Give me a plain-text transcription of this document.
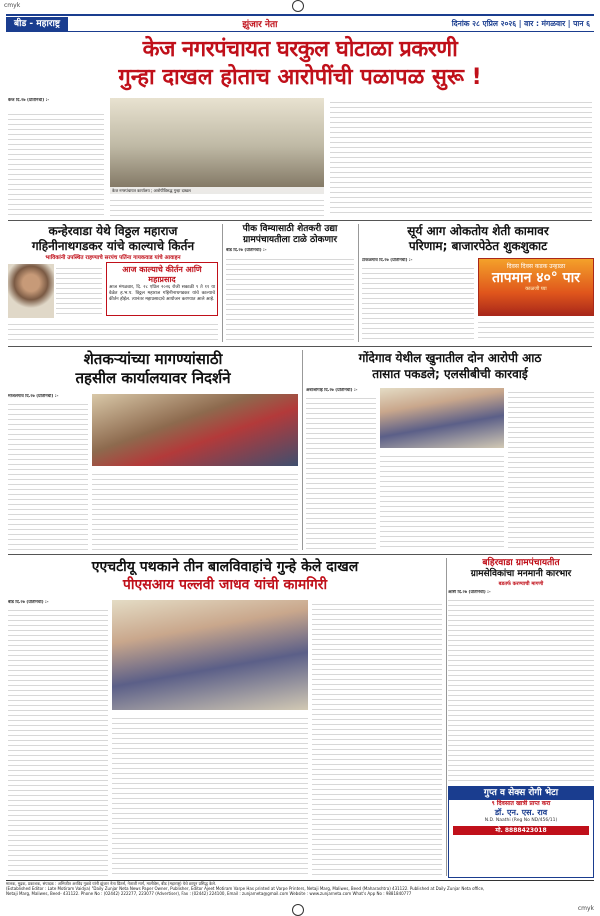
cmyk
cmyk
बीड - महाराष्ट्र	झुंजार नेता	दिनांक २८ एप्रिल २०२६ | वार : मंगळवार | पान ६
केज नगरपंचायत घरकुल घोटाळा प्रकरणी
गुन्हा दाखल होताच आरोपींची पळापळ सुरू !
केज दि.२७ (प्रतिनिधी) :-

केज नगरपंचायत कार्यालय ; आरोपींविरुद्ध गुन्हा दाखल
कन्हेरवाडा येथे विठ्ठल महाराज
गहिनीनाथगडकर यांचे काल्याचे किर्तन
भाविकांनी उपस्थित राहण्याचे सरपंच पतिंना गायकवाड यांचे आवाहन
आज काल्याचे कीर्तन आणि महाप्रसाद
आज मंगळवार, दि. २८ एप्रिल २०२६ रोजी सकाळी ९ ते ११ या वेळेत ह.भ.प. विठ्ठल महाराज गहिनीनाथगडकर यांचे काल्याचे कीर्तन होईल. त्यानंतर महाप्रसादाचे आयोजन करण्यात आले आहे.
पीक विम्यासाठी शेतकरी उद्या
ग्रामपंचायतीला टाळे ठोकणार
बीड दि.२७ (प्रतिनिधी) :-
सूर्य आग ओकतोय शेती कामावर
परिणाम; बाजारपेठेत शुकशुकाट
टाकळगाव दि.२७ (प्रतिनिधी) :-
दिवस दिवस कडक उन्हाळा
तापमान ४०° पार
काळजी घ्या
शेतकऱ्यांच्या मागण्यांसाठी
तहसील कार्यालयावर निदर्शने
माजलगाव दि.२७ (प्रतिनिधी) :-
गोंदेगाव येथील खुनातील दोन आरोपी आठ
तासात पकडले; एलसीबीची कारवाई
अंबाजोगाई दि.२७ (प्रतिनिधी) :-
एएचटीयू पथकाने तीन बालविवाहांचे गुन्हे केले दाखल
पीएसआय पल्लवी जाधव यांची कामगिरी
बीड दि.२७ (प्रतिनिधी) :-
बहिरवाडा ग्रामपंचायतीत
ग्रामसेविकांचा मनमानी कारभार
बडतर्फ करण्याची मागणी
आष्टी दि.२७ (प्रतिनिधी) :-
गुप्त व सेक्स रोगी भेटा
९ दिवसात खात्री प्राप्त करा
डॉ. एन. एस. राव
N.D. Naathi (Reg No ND/456/11)
मो. 8888423018
मालक, मुद्रक, प्रकाशक, संपादक : अभिजीत अरविंद गुळवे यांनी झुंजार नेता प्रिंटर्स, नेताजी मार्ग, मालीवेस, बीड (महाराष्ट्र) येथे छापून प्रसिद्ध केले.
(Established Editor : Late Motiram Vaidya) "Daily Zunjar Neta News Paper Owner, Publisher, Editor Ajeet Motiram Varpe Has printed at Varpe Printers, Netaji Marg, Maliwes, Beed (Maharashtra) 431122. Published at Daily Zunjar Neta office,
Netaji Marg, Maliwes, Beed- 431122. Phone No : (02442) 222277, 223077 (Advertiser), Fax : (02442) 224100, Email : zunjarneta@gmail.com Website : www.zunjarneta.com What's App No : 9881840777
